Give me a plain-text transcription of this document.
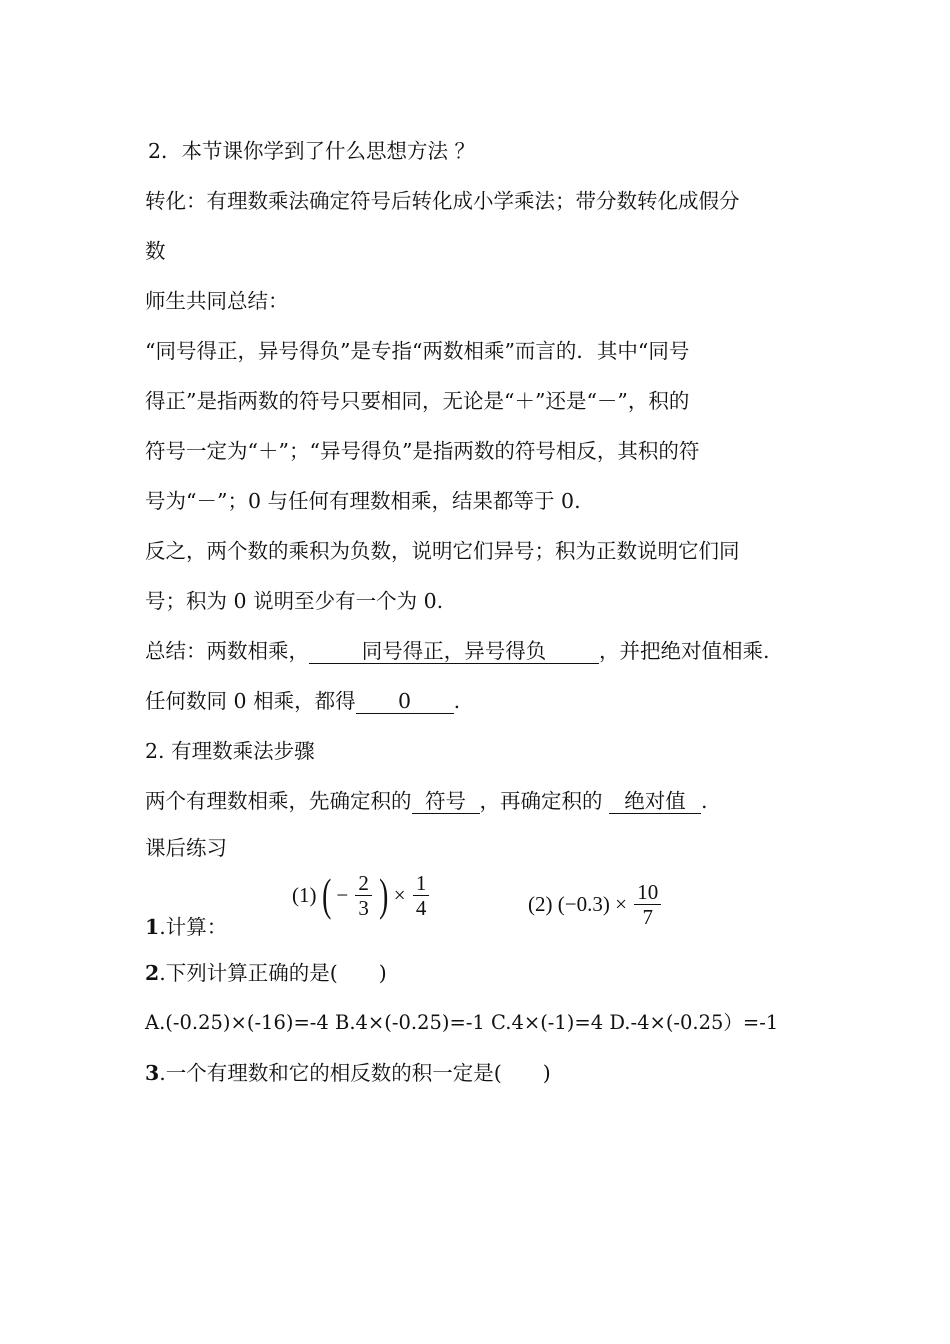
2．本节课你学到了什么思想方法 ？
转化：有理数乘法确定符号后转化成小学乘法；带分数转化成假分
数
师生共同总结：
“同号得正，异号得负”是专指“两数相乘”而言的．其中“同号
得正”是指两数的符号只要相同，无论是“＋”还是“－”，积的
符号一定为“＋”；“异号得负”是指两数的符号相反，其积的符
号为“－”；0 与任何有理数相乘，结果都等于 0.
反之，两个数的乘积为负数，说明它们异号；积为正数说明它们同
号；积为 0 说明至少有一个为 0.
总结：两数相乘，	同号得正，异号得负	，并把绝对值相乘.
任何数同 0 相乘，都得 0 .
2. 有理数乘法步骤
两个有理数相乘，先确定积的 符号 ，再确定积的 绝对值 .
课后练习
1.计算：
(1) ( − $\frac{2}{3}$ ) × $\frac{1}{4}$	(2) $(-0.3) \times \frac{10}{7}$
2.下列计算正确的是(　　)
A.(-0.25)×(-16)=-4 B.4×(-0.25)=-1 C.4×(-1)=4 D.-4×(-0.25）=-1
3.一个有理数和它的相反数的积一定是(　　)
